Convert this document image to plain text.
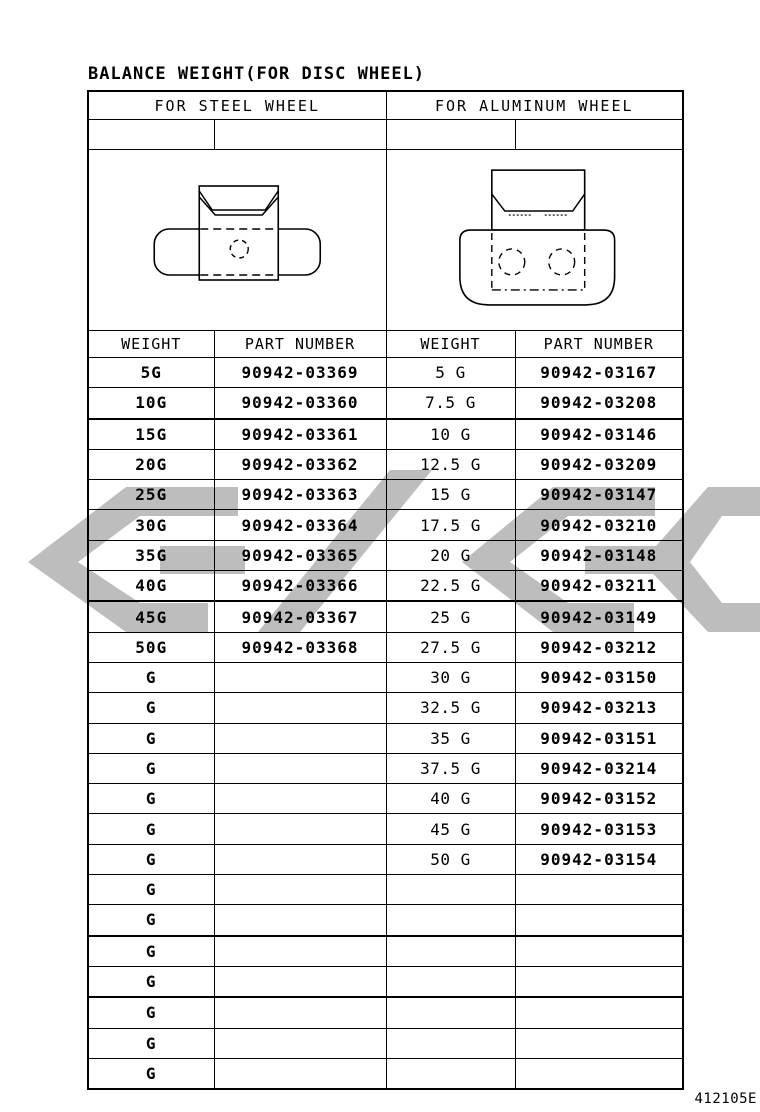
BALANCE WEIGHT(FOR DISC WHEEL)
FOR STEEL WHEEL		FOR ALUMINUM WHEEL	

WEIGHT	PART NUMBER	WEIGHT	PART NUMBER
5G	90942-03369	5 G	90942-03167
10G	90942-03360	7.5 G	90942-03208
15G	90942-03361	10 G	90942-03146
20G	90942-03362	12.5 G	90942-03209
25G	90942-03363	15 G	90942-03147
30G	90942-03364	17.5 G	90942-03210
35G	90942-03365	20 G	90942-03148
40G	90942-03366	22.5 G	90942-03211
45G	90942-03367	25 G	90942-03149
50G	90942-03368	27.5 G	90942-03212
G		30 G	90942-03150
G		32.5 G	90942-03213
G		35 G	90942-03151
G		37.5 G	90942-03214
G		40 G	90942-03152
G		45 G	90942-03153
G		50 G	90942-03154
G			
G			
G			
G			
G			
G			
G			
412105E
